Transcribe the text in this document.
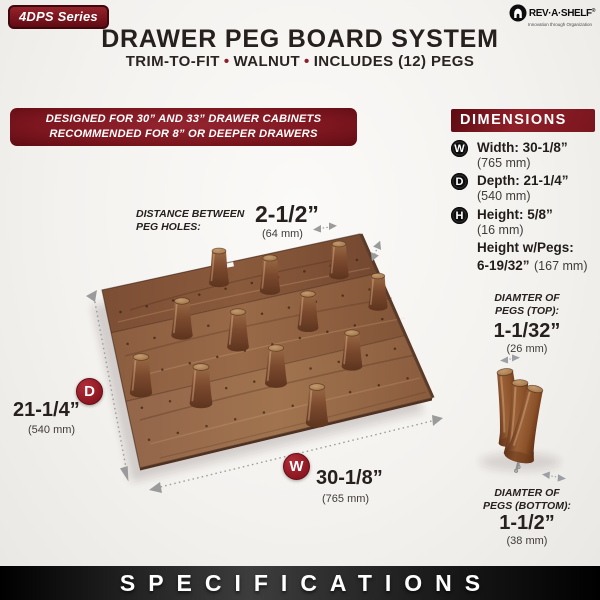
4DPS Series	REV·A·SHELF®
Innovation through Organization
DRAWER PEG BOARD SYSTEM
TRIM-TO-FIT • WALNUT • INCLUDES (12) PEGS
DESIGNED FOR 30” AND 33” DRAWER CABINETS
RECOMMENDED FOR 8” OR DEEPER DRAWERS
DIMENSIONS
W Width: 30-1/8”
(765 mm)
D	Depth: 21-1/4”
(540 mm)
H	Height: 5/8”
(16 mm)
Height w/Pegs:
6-19/32” (167 mm)
DISTANCE BETWEEN
PEG HOLES:	2-1/2”
(64 mm)
D
21-1/4”
(540 mm)
W
30-1/8”
(765 mm)
DIAMTER OF
PEGS (TOP):
1-1/32”
(26 mm)
DIAMTER OF
PEGS (BOTTOM):
1-1/2”
(38 mm)
SPECIFICATIONS
